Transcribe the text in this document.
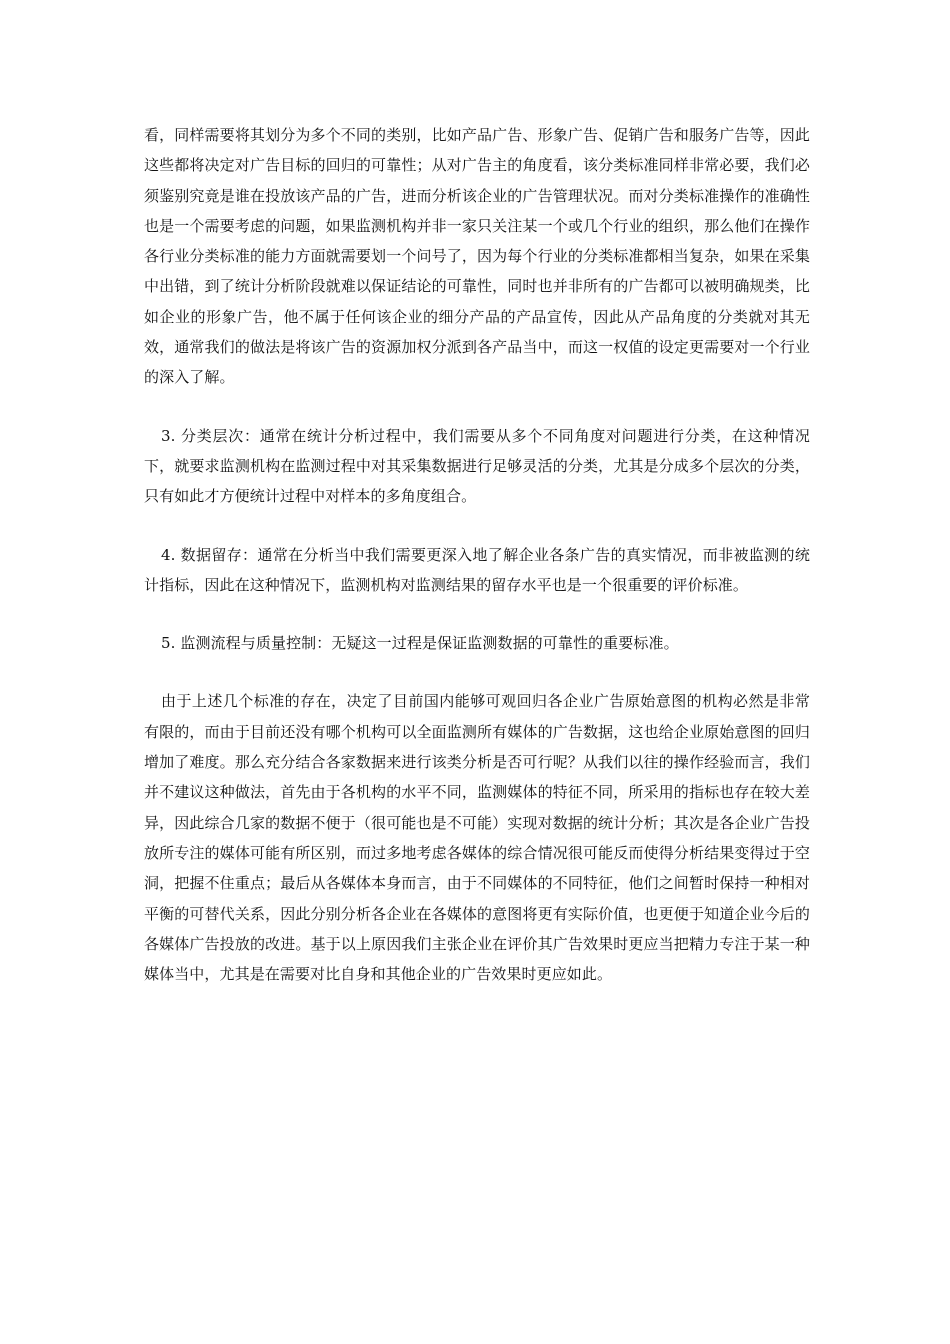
看，同样需要将其划分为多个不同的类别，比如产品广告、形象广告、促销广告和服务广告等，因此这些都将决定对广告目标的回归的可靠性；从对广告主的角度看，该分类标准同样非常必要，我们必须鉴别究竟是谁在投放该产品的广告，进而分析该企业的广告管理状况。而对分类标准操作的准确性也是一个需要考虑的问题，如果监测机构并非一家只关注某一个或几个行业的组织，那么他们在操作各行业分类标准的能力方面就需要划一个问号了，因为每个行业的分类标准都相当复杂，如果在采集中出错，到了统计分析阶段就难以保证结论的可靠性，同时也并非所有的广告都可以被明确规类，比如企业的形象广告，他不属于任何该企业的细分产品的产品宣传，因此从产品角度的分类就对其无效，通常我们的做法是将该广告的资源加权分派到各产品当中，而这一权值的设定更需要对一个行业的深入了解。

3. 分类层次：通常在统计分析过程中，我们需要从多个不同角度对问题进行分类，在这种情况下，就要求监测机构在监测过程中对其采集数据进行足够灵活的分类，尤其是分成多个层次的分类，只有如此才方便统计过程中对样本的多角度组合。

4. 数据留存：通常在分析当中我们需要更深入地了解企业各条广告的真实情况，而非被监测的统计指标，因此在这种情况下，监测机构对监测结果的留存水平也是一个很重要的评价标准。

5. 监测流程与质量控制：无疑这一过程是保证监测数据的可靠性的重要标准。

由于上述几个标准的存在，决定了目前国内能够可观回归各企业广告原始意图的机构必然是非常有限的，而由于目前还没有哪个机构可以全面监测所有媒体的广告数据，这也给企业原始意图的回归增加了难度。那么充分结合各家数据来进行该类分析是否可行呢？从我们以往的操作经验而言，我们并不建议这种做法，首先由于各机构的水平不同，监测媒体的特征不同，所采用的指标也存在较大差异，因此综合几家的数据不便于（很可能也是不可能）实现对数据的统计分析；其次是各企业广告投放所专注的媒体可能有所区别，而过多地考虑各媒体的综合情况很可能反而使得分析结果变得过于空洞，把握不住重点；最后从各媒体本身而言，由于不同媒体的不同特征，他们之间暂时保持一种相对平衡的可替代关系，因此分别分析各企业在各媒体的意图将更有实际价值，也更便于知道企业今后的各媒体广告投放的改进。基于以上原因我们主张企业在评价其广告效果时更应当把精力专注于某一种媒体当中，尤其是在需要对比自身和其他企业的广告效果时更应如此。
